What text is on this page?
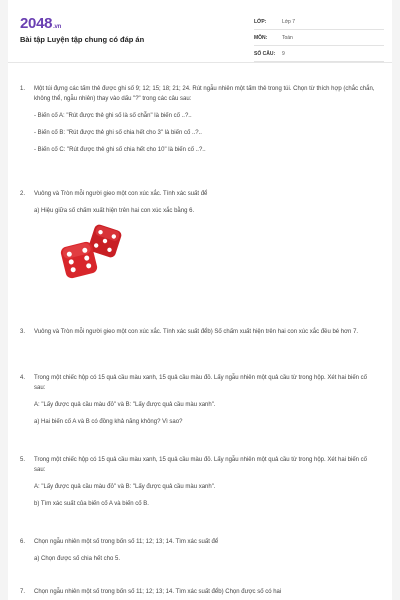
2048.vn
Bài tập Luyện tập chung có đáp án
LỚP:	Lớp 7
MÔN:	Toán
SỐ CÂU:	9
1. Một túi đựng các tấm thẻ được ghi số 9; 12; 15; 18; 21; 24. Rút ngẫu nhiên một tấm thẻ trong túi. Chọn từ thích hợp (chắc chắn, không thể, ngẫu nhiên) thay vào dấu "?" trong các câu sau:

- Biến cố A: "Rút được thẻ ghi số là số chẵn" là biến cố ..?..

- Biến cố B: "Rút được thẻ ghi số chia hết cho 3" là biến cố ..?..

- Biến cố C: "Rút được thẻ ghi số chia hết cho 10" là biến cố ..?..

2. Vuông và Tròn mỗi người gieo một con xúc xắc. Tính xác suất để

a) Hiệu giữa số chấm xuất hiện trên hai con xúc xắc bằng 6.

3. Vuông và Tròn mỗi người gieo một con xúc xắc. Tính xác suất đểb) Số chấm xuất hiện trên hai con xúc xắc đều bé hơn 7.

4. Trong một chiếc hộp có 15 quả cầu màu xanh, 15 quả cầu màu đỏ. Lấy ngẫu nhiên một quả cầu từ trong hộp. Xét hai biến cố sau:

A: "Lấy được quả cầu màu đỏ" và B: "Lấy được quả cầu màu xanh".

a) Hai biến cố A và B có đồng khả năng không? Vì sao?

5. Trong một chiếc hộp có 15 quả cầu màu xanh, 15 quả cầu màu đỏ. Lấy ngẫu nhiên một quả cầu từ trong hộp. Xét hai biến cố sau:

A: "Lấy được quả cầu màu đỏ" và B: "Lấy được quả cầu màu xanh".

b) Tìm xác suất của biến cố A và biến cố B.

6. Chọn ngẫu nhiên một số trong bốn số 11; 12; 13; 14. Tìm xác suất để

a) Chọn được số chia hết cho 5.

7. Chọn ngẫu nhiên một số trong bốn số 11; 12; 13; 14. Tìm xác suất đểb) Chọn được số có hai
